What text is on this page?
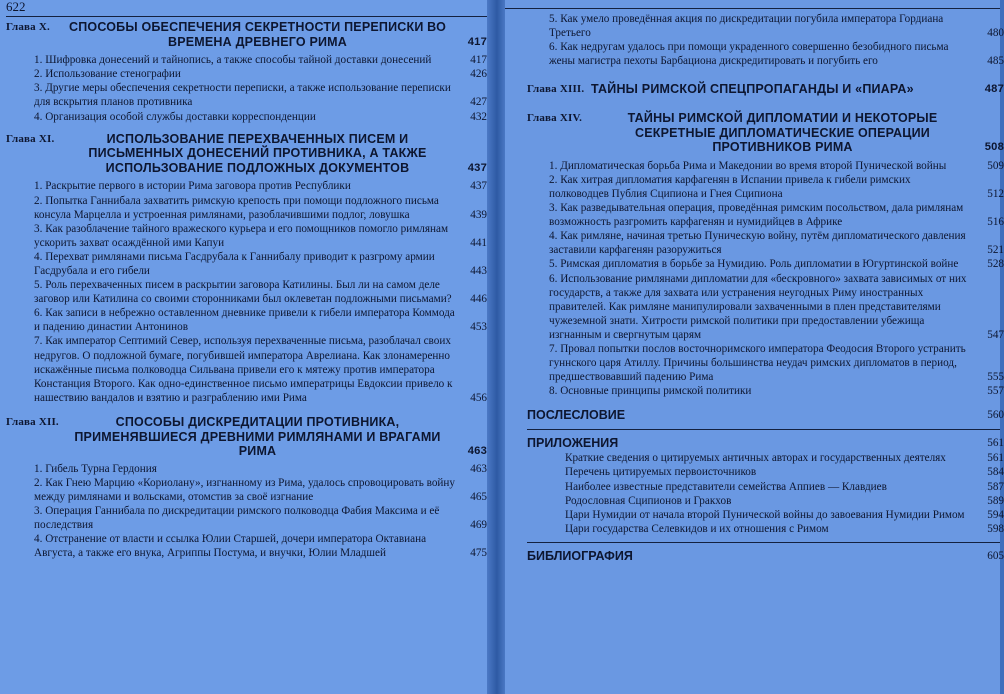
622
Глава X.	СПОСОБЫ ОБЕСПЕЧЕНИЯ СЕКРЕТНОСТИ ПЕРЕПИСКИ ВО ВРЕМЕНА ДРЕВНЕГО РИМА	417
1. Шифровка донесений и тайнопись, а также способы тайной доставки донесений	417
2. Использование стенографии	426
3. Другие меры обеспечения секретности переписки, а также использование переписки для вскрытия планов противника	427
4. Организация особой службы доставки корреспонденции	432
Глава XI.	ИСПОЛЬЗОВАНИЕ ПЕРЕХВАЧЕННЫХ ПИСЕМ И ПИСЬМЕННЫХ ДОНЕСЕНИЙ ПРОТИВНИКА, А ТАКЖЕ ИСПОЛЬЗОВАНИЕ ПОДЛОЖНЫХ ДОКУМЕНТОВ	437
1. Раскрытие первого в истории Рима заговора против Республики	437
2. Попытка Ганнибала захватить римскую крепость при помощи подложного письма консула Марцелла и устроенная римлянами, разоблачившими подлог, ловушка	439
3. Как разоблачение тайного вражеского курьера и его помощников помогло римлянам ускорить захват осаждённой ими Капуи	441
4. Перехват римлянами письма Гасдрубала к Ганнибалу приводит к разгрому армии Гасдрубала и его гибели	443
5. Роль перехваченных писем в раскрытии заговора Катилины. Был ли на самом деле заговор или Катилина со своими сторонниками был оклеветан подложными письмами? 446
6. Как записи в небрежно оставленном дневнике привели к гибели императора Коммода и падению династии Антонинов	453
7. Как император Септимий Север, используя перехваченные письма, разоблачал своих недругов. О подложной бумаге, погубившей императора Аврелиана. Как злонамеренно искажённые письма полководца Сильвана привели его к мятежу против императора Констанция Второго. Как одно-единственное письмо императрицы Евдоксии привело к нашествию вандалов и взятию и разграблению ими Рима	456
Глава XII.	СПОСОБЫ ДИСКРЕДИТАЦИИ ПРОТИВНИКА, ПРИМЕНЯВШИЕСЯ ДРЕВНИМИ РИМЛЯНАМИ И ВРАГАМИ РИМА	463
1. Гибель Турна Гердония	463
2. Как Гнею Марцию «Кориолану», изгнанному из Рима, удалось спровоцировать войну между римлянами и вольсками, отомстив за своё изгнание	465
3. Операция Ганнибала по дискредитации римского полководца Фабия Максима и её последствия	469
4. Отстранение от власти и ссылка Юлии Старшей, дочери императора Октавиана Августа, а также его внука, Агриппы Постума, и внучки, Юлии Младшей	475
5. Как умело проведённая акция по дискредитации погубила императора Гордиана Третьего	480
6. Как недругам удалось при помощи украденного совершенно безобидного письма жены магистра пехоты Барбациона дискредитировать и погубить его	485
Глава XIII. ТАЙНЫ РИМСКОЙ СПЕЦПРОПАГАНДЫ И «ПИАРА»	487
Глава XIV.	ТАЙНЫ РИМСКОЙ ДИПЛОМАТИИ И НЕКОТОРЫЕ СЕКРЕТНЫЕ ДИПЛОМАТИЧЕСКИЕ ОПЕРАЦИИ ПРОТИВНИКОВ РИМА	508
1. Дипломатическая борьба Рима и Македонии во время второй Пунической войны	509
2. Как хитрая дипломатия карфагенян в Испании привела к гибели римских полководцев Публия Сципиона и Гнея Сципиона	512
3. Как разведывательная операция, проведённая римским посольством, дала римлянам возможность разгромить карфагенян и нумидийцев в Африке	516
4. Как римляне, начиная третью Пуническую войну, путём дипломатического давления заставили карфагенян разоружиться	521
5. Римская дипломатия в борьбе за Нумидию. Роль дипломатии в Югуртинской войне	528
6. Использование римлянами дипломатии для «бескровного» захвата зависимых от них государств, а также для захвата или устранения неугодных Риму иностранных правителей. Как римляне манипулировали захваченными в плен представителями чужеземной знати. Хитрости римской политики при предоставлении убежища изгнанным и свергнутым царям	547
7. Провал попытки послов восточноримского императора Феодосия Второго устранить гуннского царя Атиллу. Причины большинства неудач римских дипломатов в период, предшествовавший падению Рима	555
8. Основные принципы римской политики	557
ПОСЛЕСЛОВИЕ	560
ПРИЛОЖЕНИЯ	561
Краткие сведения о цитируемых античных авторах и государственных деятелях	561
Перечень цитируемых первоисточников	584
Наиболее известные представители семейства Аппиев — Клавдиев	587
Родословная Сципионов и Гракхов	589
Цари Нумидии от начала второй Пунической войны до завоевания Нумидии Римом	594
Цари государства Селевкидов и их отношения с Римом	598
БИБЛИОГРАФИЯ	605
